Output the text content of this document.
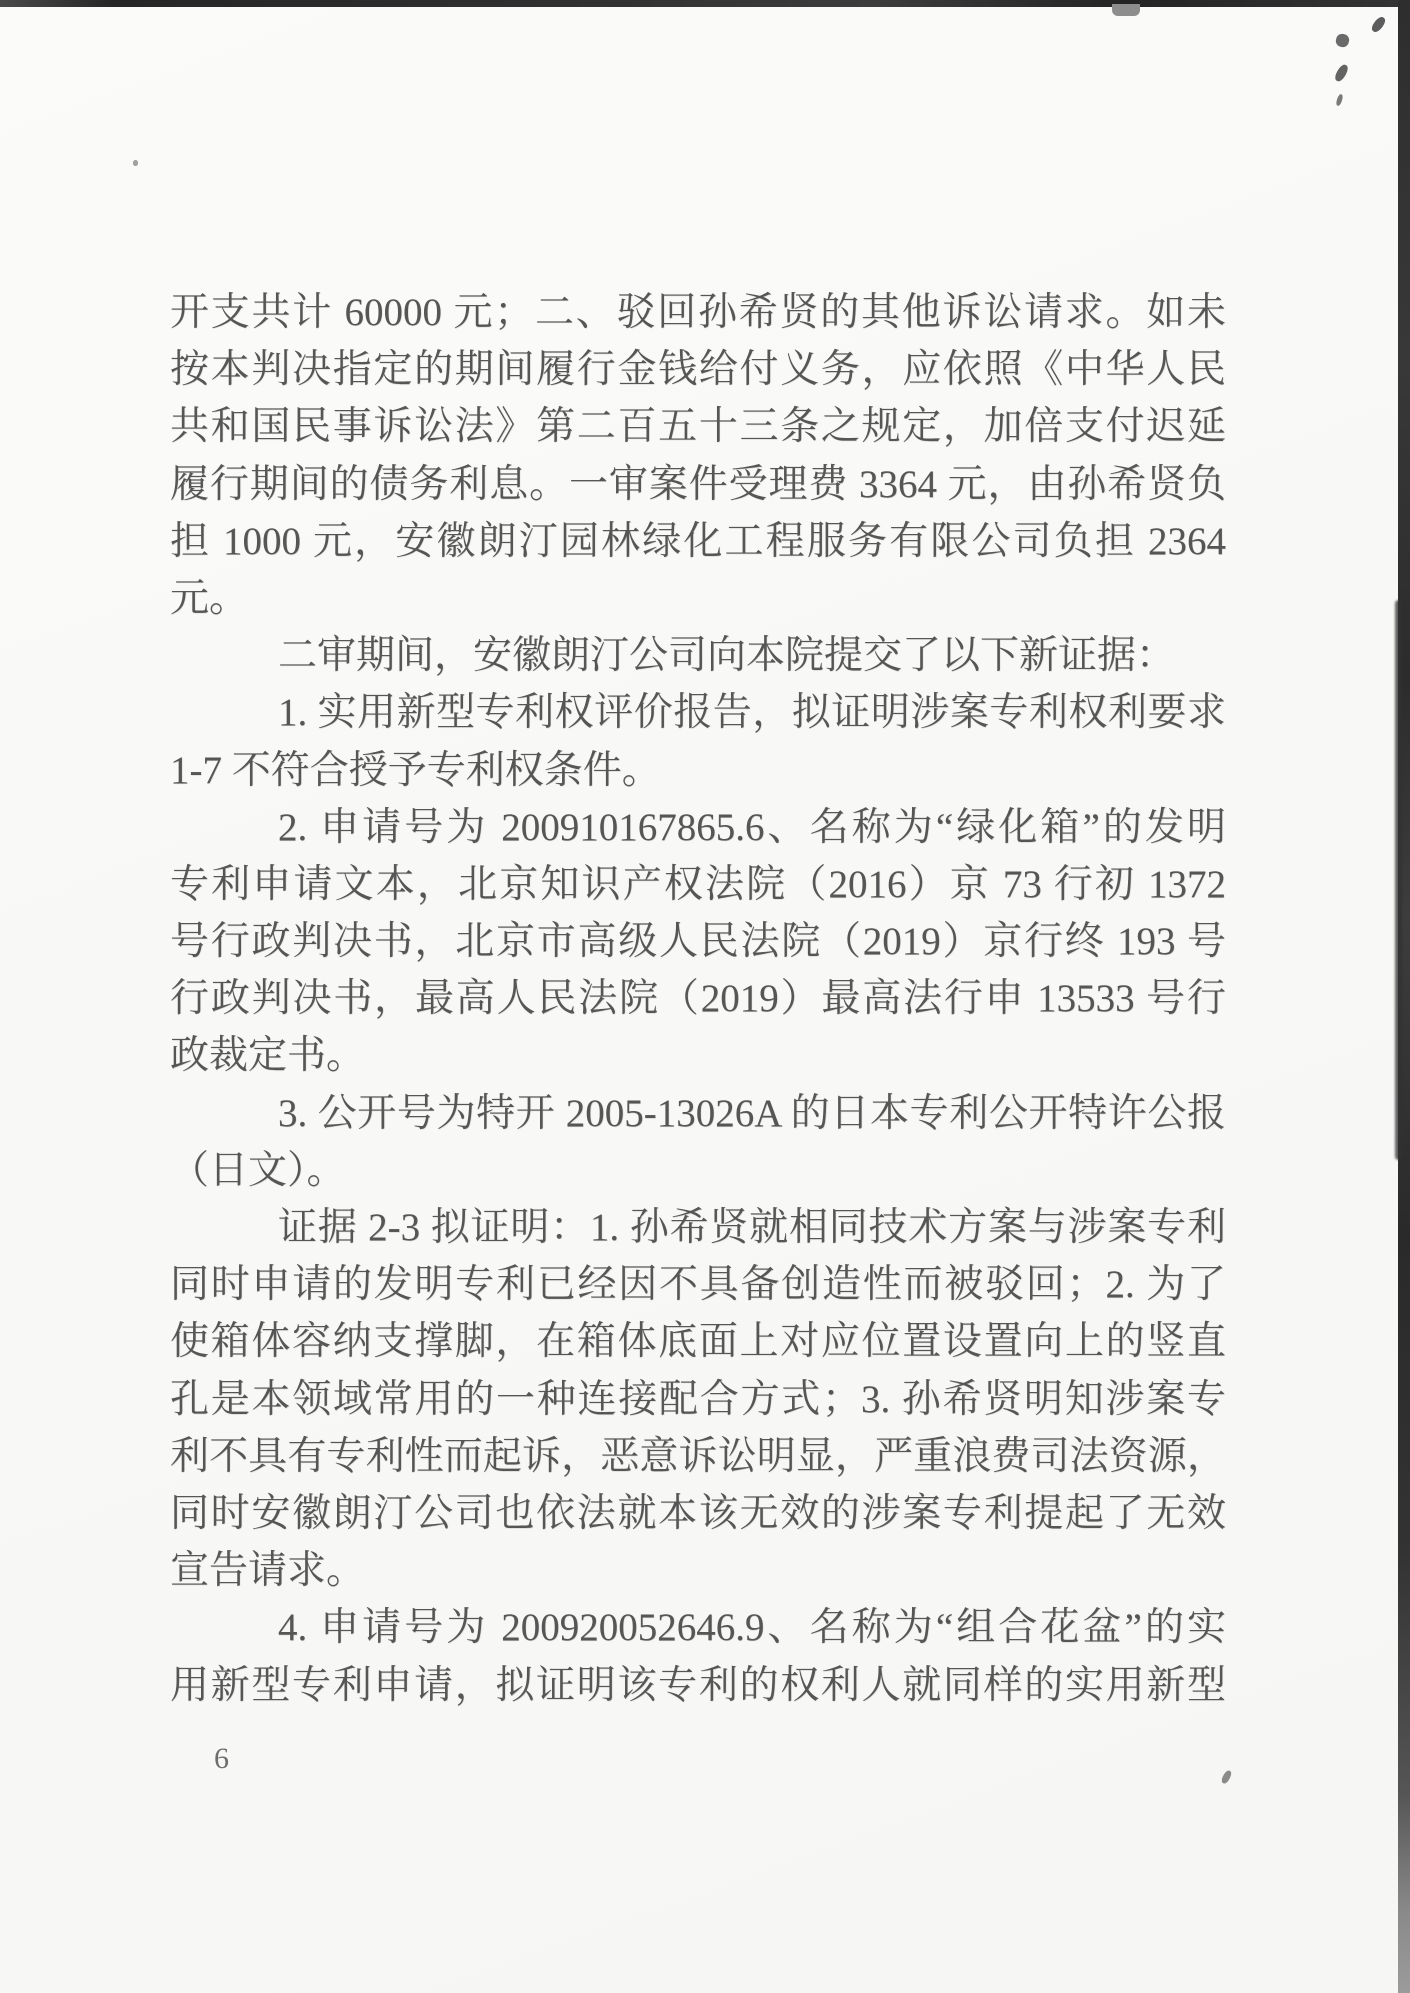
开支共计 60000 元；二、驳回孙希贤的其他诉讼请求。如未
按本判决指定的期间履行金钱给付义务，应依照《中华人民
共和国民事诉讼法》第二百五十三条之规定，加倍支付迟延
履行期间的债务利息。一审案件受理费 3364 元，由孙希贤负
担 1000 元，安徽朗汀园林绿化工程服务有限公司负担 2364
元。
二审期间，安徽朗汀公司向本院提交了以下新证据：
1. 实用新型专利权评价报告，拟证明涉案专利权利要求
1-7 不符合授予专利权条件。
2. 申请号为 200910167865.6、名称为“绿化箱”的发明
专利申请文本，北京知识产权法院（2016）京 73 行初 1372
号行政判决书，北京市高级人民法院（2019）京行终 193 号
行政判决书，最高人民法院（2019）最高法行申 13533 号行
政裁定书。
3. 公开号为特开 2005-13026A 的日本专利公开特许公报
（日文）。
证据 2-3 拟证明：1. 孙希贤就相同技术方案与涉案专利
同时申请的发明专利已经因不具备创造性而被驳回；2. 为了
使箱体容纳支撑脚，在箱体底面上对应位置设置向上的竖直
孔是本领域常用的一种连接配合方式；3. 孙希贤明知涉案专
利不具有专利性而起诉，恶意诉讼明显，严重浪费司法资源，
同时安徽朗汀公司也依法就本该无效的涉案专利提起了无效
宣告请求。
4. 申请号为 200920052646.9、名称为“组合花盆”的实
用新型专利申请，拟证明该专利的权利人就同样的实用新型
6
